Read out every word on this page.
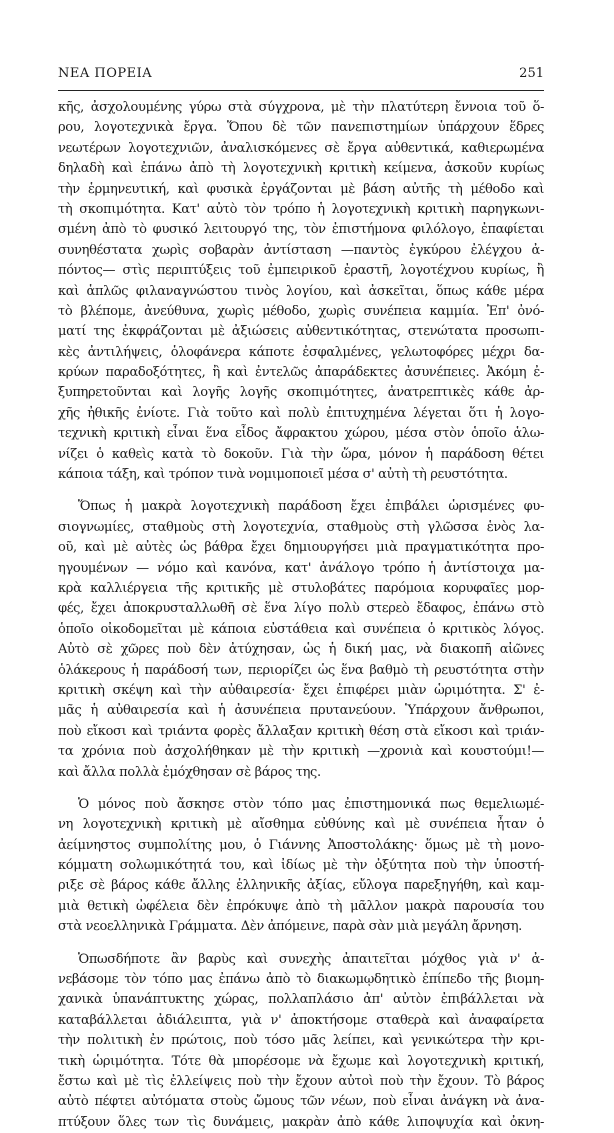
ΝΕΑ ΠΟΡΕΙΑ	251
κῆς, ἀσχολουμένης γύρω στὰ σύγχρονα, μὲ τὴν πλατύτερη ἔννοια τοῦ ὅ-
ρου, λογοτεχνικὰ ἔργα. Ὅπου δὲ τῶν πανεπιστημίων ὑπάρχουν ἕδρες
νεωτέρων λογοτεχνιῶν, ἀναλισκόμενες σὲ ἔργα αὐθεντικά, καθιερωμένα
δηλαδὴ καὶ ἐπάνω ἀπὸ τὴ λογοτεχνικὴ κριτικὴ κείμενα, ἀσκοῦν κυρίως
τὴν ἑρμηνευτική, καὶ φυσικὰ ἐργάζονται μὲ βάση αὐτῆς τὴ μέθοδο καὶ
τὴ σκοπιμότητα. Κατ' αὐτὸ τὸν τρόπο ἡ λογοτεχνικὴ κριτικὴ παρηγκωνι-
σμένη ἀπὸ τὸ φυσικό λειτουργό της, τὸν ἐπιστήμονα φιλόλογο, ἐπαφίεται
συνηθέστατα χωρὶς σοβαρὰν ἀντίσταση —παντὸς ἐγκύρου ἐλέγχου ἀ-
πόντος— στὶς περιπτύξεις τοῦ ἐμπειρικοῦ ἐραστῆ, λογοτέχνου κυρίως, ἢ
καὶ ἁπλῶς φιλαναγνώστου τινὸς λογίου, καὶ ἀσκεῖται, ὅπως κάθε μέρα
τὸ βλέπομε, ἀνεύθυνα, χωρὶς μέθοδο, χωρὶς συνέπεια καμμία. Ἐπ' ὀνό-
ματί της ἐκφράζονται μὲ ἀξιώσεις αὐθεντικότητας, στενώτατα προσωπι-
κὲς ἀντιλήψεις, ὁλοφάνερα κάποτε ἐσφαλμένες, γελωτοφόρες μέχρι δα-
κρύων παραδοξότητες, ἢ καὶ ἐντελῶς ἀπαράδεκτες ἀσυνέπειες. Ἀκόμη ἐ-
ξυπηρετοῦνται καὶ λογῆς λογῆς σκοπιμότητες, ἀνατρεπτικὲς κάθε ἀρ-
χῆς ἠθικῆς ἐνίοτε. Γιὰ τοῦτο καὶ πολὺ ἐπιτυχημένα λέγεται ὅτι ἡ λογο-
τεχνικὴ κριτικὴ εἶναι ἕνα εἶδος ἄφρακτου χώρου, μέσα στὸν ὁποῖο ἁλω-
νίζει ὁ καθεὶς κατὰ τὸ δοκοῦν. Γιὰ τὴν ὥρα, μόνον ἡ παράδοση θέτει
κάποια τάξη, καὶ τρόπον τινὰ νομιμοποιεῖ μέσα σ' αὐτὴ τὴ ρευστότητα.
Ὅπως ἡ μακρὰ λογοτεχνικὴ παράδοση ἔχει ἐπιβάλει ὡρισμένες φυ-
σιογνωμίες, σταθμοὺς στὴ λογοτεχνία, σταθμοὺς στὴ γλῶσσα ἑνὸς λα-
οῦ, καὶ μὲ αὐτὲς ὡς βάθρα ἔχει δημιουργήσει μιὰ πραγματικότητα προ-
ηγουμένων — νόμο καὶ κανόνα, κατ' ἀνάλογο τρόπο ἡ ἀντίστοιχα μα-
κρὰ καλλιέργεια τῆς κριτικῆς μὲ στυλοβάτες παρόμοια κορυφαῖες μορ-
φές, ἔχει ἀποκρυσταλλωθῆ σὲ ἕνα λίγο πολὺ στερεὸ ἔδαφος, ἐπάνω στὸ
ὁποῖο οἰκοδομεῖται μὲ κάποια εὐστάθεια καὶ συνέπεια ὁ κριτικὸς λόγος.
Αὐτὸ σὲ χῶρες ποὺ δὲν ἀτύχησαν, ὡς ἡ δική μας, νὰ διακοπῆ αἰῶνες
ὁλάκερους ἡ παράδοσή των, περιορίζει ὡς ἕνα βαθμὸ τὴ ρευστότητα στὴν
κριτικὴ σκέψη καὶ τὴν αὐθαιρεσία· ἔχει ἐπιφέρει μιὰν ὡριμότητα. Σ' ἐ-
μᾶς ἡ αὐθαιρεσία καὶ ἡ ἀσυνέπεια πρυτανεύουν. Ὑπάρχουν ἄνθρωποι,
ποὺ εἴκοσι καὶ τριάντα φορὲς ἄλλαξαν κριτικὴ θέση στὰ εἴκοσι καὶ τριάν-
τα χρόνια ποὺ ἀσχολήθηκαν μὲ τὴν κριτικὴ —χρονιὰ καὶ κουστούμι!—
καὶ ἄλλα πολλὰ ἐμόχθησαν σὲ βάρος της.
Ὁ μόνος ποὺ ἄσκησε στὸν τόπο μας ἐπιστημονικά πως θεμελιωμέ-
νη λογοτεχνικὴ κριτικὴ μὲ αἴσθημα εὐθύνης καὶ μὲ συνέπεια ἦταν ὁ
ἀείμνηστος συμπολίτης μου, ὁ Γιάννης Ἀποστολάκης· ὅμως μὲ τὴ μονο-
κόμματη σολωμικότητά του, καὶ ἰδίως μὲ τὴν ὀξύτητα ποὺ τὴν ὑποστή-
ριξε σὲ βάρος κάθε ἄλλης ἑλληνικῆς ἀξίας, εὔλογα παρεξηγήθη, καὶ καμ-
μιὰ θετικὴ ὠφέλεια δὲν ἐπρόκυψε ἀπὸ τὴ μᾶλλον μακρὰ παρουσία του
στὰ νεοελληνικὰ Γράμματα. Δὲν ἀπόμεινε, παρὰ σὰν μιὰ μεγάλη ἄρνηση.
Ὁπωσδήποτε ἂν βαρὺς καὶ συνεχὴς ἀπαιτεῖται μόχθος γιὰ ν' ἀ-
νεβάσομε τὸν τόπο μας ἐπάνω ἀπὸ τὸ διακωμῳδητικὸ ἐπίπεδο τῆς βιομη-
χανικὰ ὑπανάπτυκτης χώρας, πολλαπλάσιο ἀπ' αὐτὸν ἐπιβάλλεται νὰ
καταβάλλεται ἀδιάλειπτα, γιὰ ν' ἀποκτήσομε σταθερὰ καὶ ἀναφαίρετα
τὴν πολιτικὴ ἐν πρώτοις, ποὺ τόσο μᾶς λείπει, καὶ γενικώτερα τὴν κρι-
τικὴ ὡριμότητα. Τότε θὰ μπορέσομε νὰ ἔχωμε καὶ λογοτεχνικὴ κριτική,
ἔστω καὶ μὲ τὶς ἐλλείψεις ποὺ τὴν ἔχουν αὐτοὶ ποὺ τὴν ἔχουν. Τὸ βάρος
αὐτὸ πέφτει αὐτόματα στοὺς ὤμους τῶν νέων, ποὺ εἶναι ἀνάγκη νὰ ἀνα-
πτύξουν ὅλες των τὶς δυνάμεις, μακρὰν ἀπὸ κάθε λιποψυχία καὶ ὀκνη-
